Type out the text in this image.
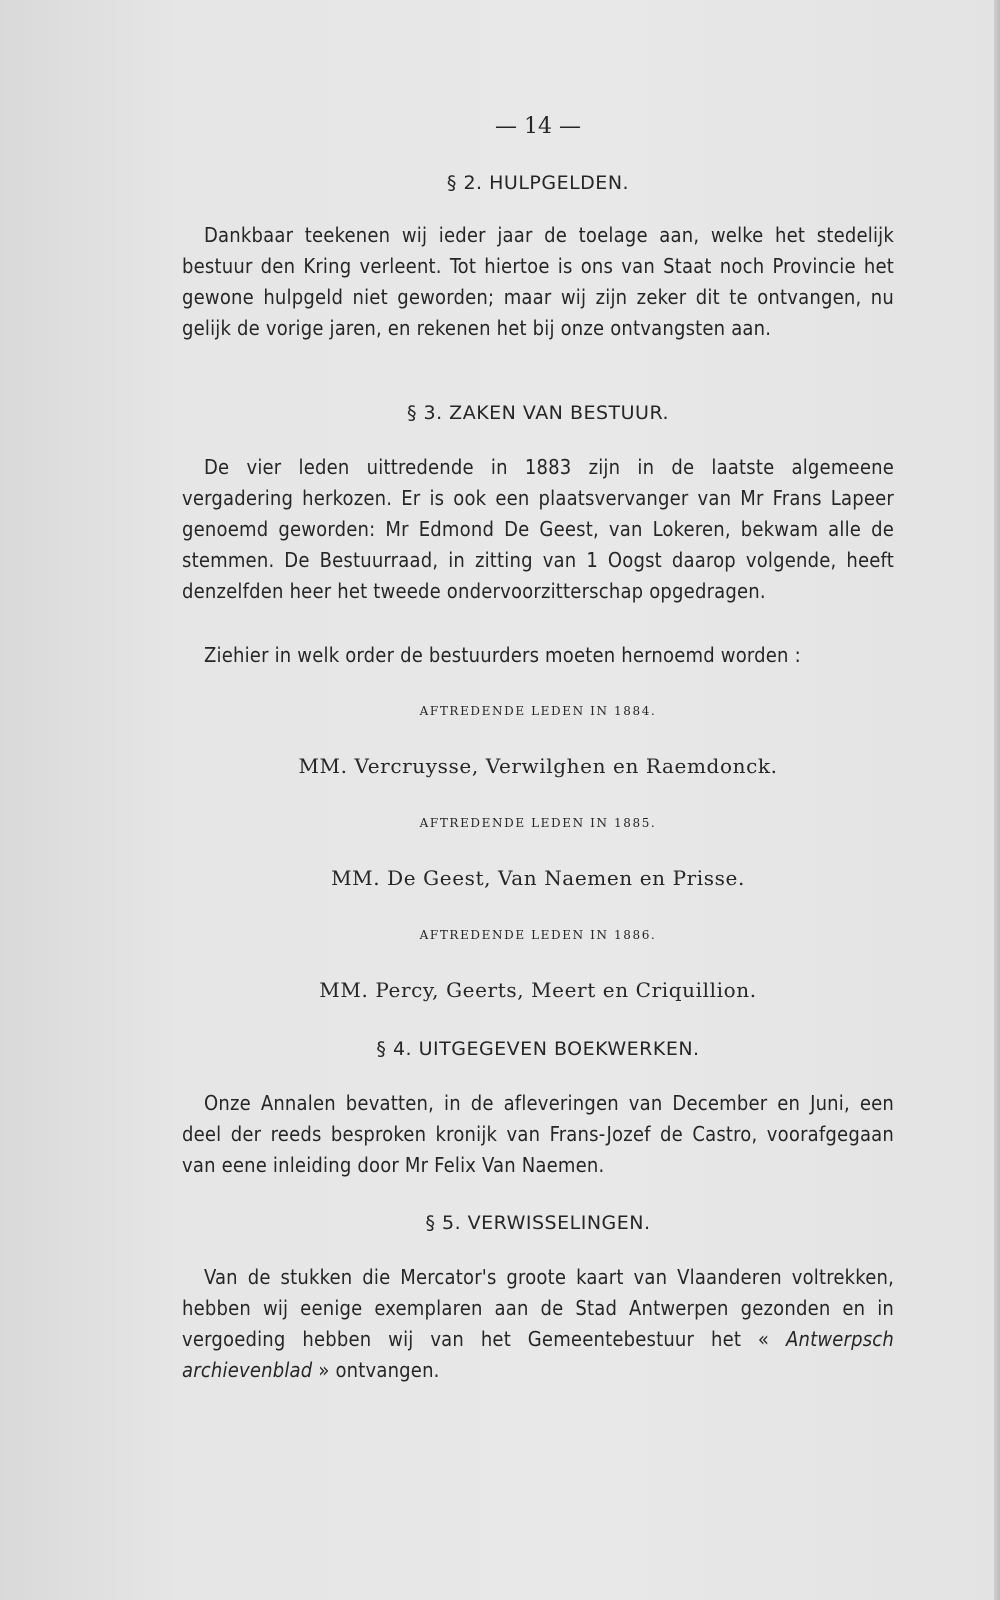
— 14 —
§ 2. HULPGELDEN.

Dankbaar teekenen wij ieder jaar de toelage aan, welke het stedelijk bestuur den Kring verleent. Tot hiertoe is ons van Staat noch Provincie het gewone hulpgeld niet geworden; maar wij zijn zeker dit te ontvangen, nu gelijk de vorige jaren, en rekenen het bij onze ontvangsten aan.

§ 3. ZAKEN VAN BESTUUR.

De vier leden uittredende in 1883 zijn in de laatste algemeene vergadering herkozen. Er is ook een plaatsvervanger van Mr Frans Lapeer genoemd geworden: Mr Edmond De Geest, van Lokeren, bekwam alle de stemmen. De Bestuurraad, in zitting van 1 Oogst daarop volgende, heeft denzelfden heer het tweede ondervoorzitterschap opgedragen.

Ziehier in welk order de bestuurders moeten hernoemd worden :

AFTREDENDE LEDEN IN 1884.
MM. Vercruysse, Verwilghen en Raemdonck.
AFTREDENDE LEDEN IN 1885.
MM. De Geest, Van Naemen en Prisse.
AFTREDENDE LEDEN IN 1886.
MM. Percy, Geerts, Meert en Criquillion.
§ 4. UITGEGEVEN BOEKWERKEN.

Onze Annalen bevatten, in de afleveringen van December en Juni, een deel der reeds besproken kronijk van Frans-Jozef de Castro, voorafgegaan van eene inleiding door Mr Felix Van Naemen.

§ 5. VERWISSELINGEN.

Van de stukken die Mercator's groote kaart van Vlaanderen voltrekken, hebben wij eenige exemplaren aan de Stad Antwerpen gezonden en in vergoeding hebben wij van het Gemeentebestuur het « Antwerpsch archievenblad » ontvangen.
